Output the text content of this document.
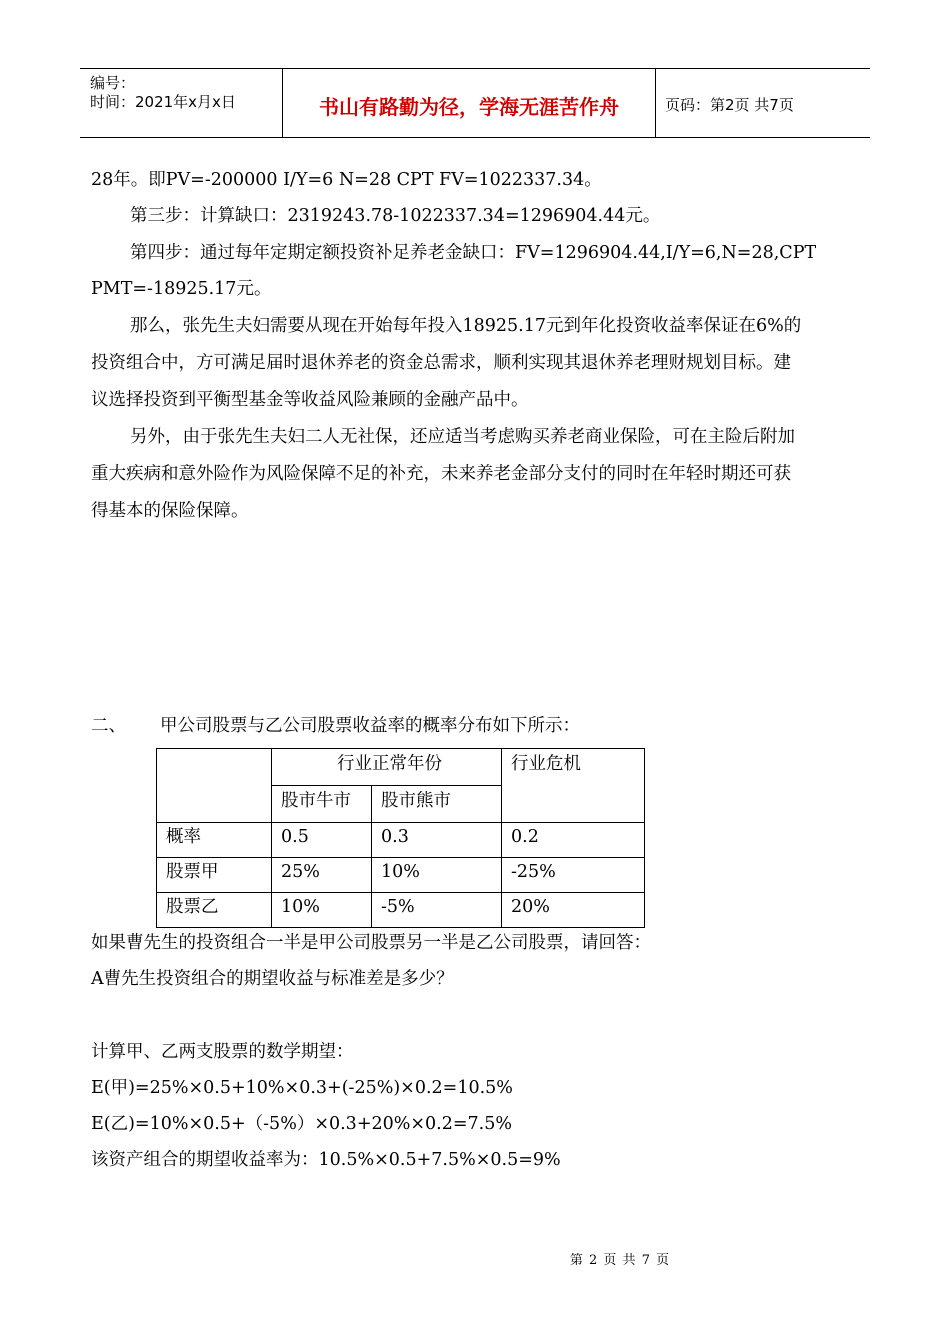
编号：
时间：2021年x月x日	书山有路勤为径，学海无涯苦作舟	页码：第2页 共7页
28年。即PV=-200000 I/Y=6 N=28 CPT FV=1022337.34。
第三步：计算缺口：2319243.78-1022337.34=1296904.44元。
第四步：通过每年定期定额投资补足养老金缺口：FV=1296904.44,I/Y=6,N=28,CPT
PMT=-18925.17元。
那么，张先生夫妇需要从现在开始每年投入18925.17元到年化投资收益率保证在6%的
投资组合中，方可满足届时退休养老的资金总需求，顺利实现其退休养老理财规划目标。建
议选择投资到平衡型基金等收益风险兼顾的金融产品中。
另外，由于张先生夫妇二人无社保，还应适当考虑购买养老商业保险，可在主险后附加
重大疾病和意外险作为风险保障不足的补充，未来养老金部分支付的同时在年轻时期还可获
得基本的保险保障。
二、 甲公司股票与乙公司股票收益率的概率分布如下所示：
行业正常年份	行业危机
股市牛市 股市熊市
概率	0.5	0.3	0.2
股票甲	25%	10%	-25%
股票乙	10%	-5%	20%
如果曹先生的投资组合一半是甲公司股票另一半是乙公司股票，请回答：
A曹先生投资组合的期望收益与标准差是多少？
计算甲、乙两支股票的数学期望：
E(甲)=25%×0.5+10%×0.3+(-25%)×0.2=10.5%
E(乙)=10%×0.5+（-5%）×0.3+20%×0.2=7.5%
该资产组合的期望收益率为：10.5%×0.5+7.5%×0.5=9%
第 2 页 共 7 页
